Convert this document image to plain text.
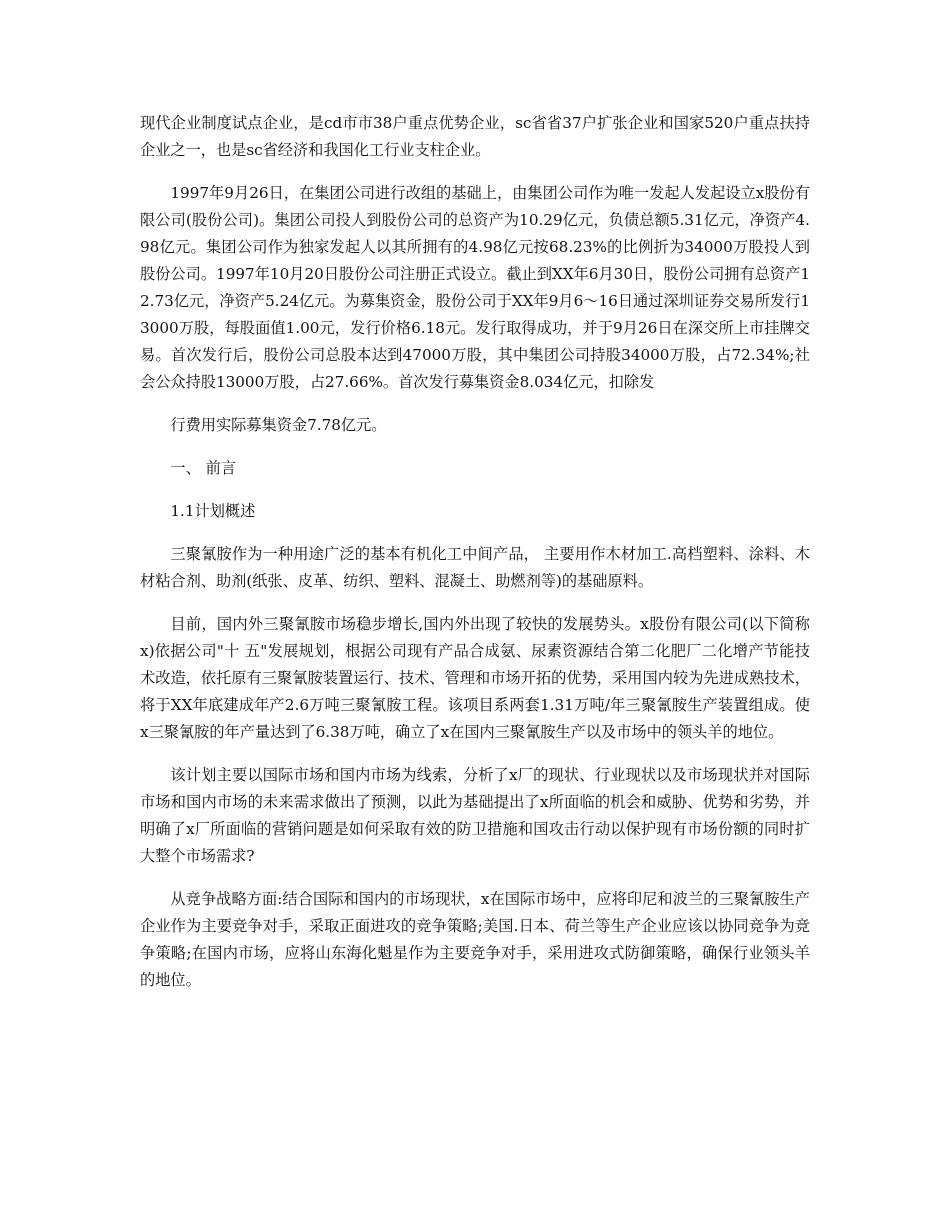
现代企业制度试点企业，是cd市市38户重点优势企业，sc省省37户扩张企业和国家520户重点扶持企业之一，也是sc省经济和我国化工行业支柱企业。

1997年9月26日，在集团公司进行改组的基础上，由集团公司作为唯一发起人发起设立x股份有限公司(股份公司)。集团公司投人到股份公司的总资产为10.29亿元，负债总额5.31亿元，净资产4.98亿元。集团公司作为独家发起人以其所拥有的4.98亿元按68.23%的比例折为34000万股投人到股份公司。1997年10月20日股份公司注册正式设立。截止到XX年6月30日，股份公司拥有总资产12.73亿元，净资产5.24亿元。为募集资金，股份公司于XX年9月6～16日通过深圳证券交易所发行13000万股，每股面值1.00元，发行价格6.18元。发行取得成功，并于9月26日在深交所上市挂牌交易。首次发行后，股份公司总股本达到47000万股，其中集团公司持股34000万股，占72.34%;社会公众持股13000万股，占27.66%。首次发行募集资金8.034亿元，扣除发

行费用实际募集资金7.78亿元。

一、 前言

1.1计划概述

三聚氰胺作为一种用途广泛的基本有机化工中间产品， 主要用作木材加工.高档塑料、涂料、木材粘合剂、助剂(纸张、皮革、纺织、塑料、混凝土、助燃剂等)的基础原料。

目前，国内外三聚氰胺市场稳步增长,国内外出现了较快的发展势头。x股份有限公司(以下简称x)依据公司"十 五"发展规划，根据公司现有产品合成氨、尿素资源结合第二化肥厂二化增产节能技术改造，依托原有三聚氰胺装置运行、技术、管理和市场开拓的优势，采用国内较为先进成熟技术，将于XX年底建成年产2.6万吨三聚氰胺工程。该项目系两套1.31万吨/年三聚氰胺生产装置组成。使x三聚氰胺的年产量达到了6.38万吨，确立了x在国内三聚氰胺生产以及市场中的领头羊的地位。

该计划主要以国际市场和国内市场为线索，分析了x厂的现状、行业现状以及市场现状并对国际市场和国内市场的未来需求做出了预测，以此为基础提出了x所面临的机会和威胁、优势和劣势，并明确了x厂所面临的营销问题是如何采取有效的防卫措施和国攻击行动以保护现有市场份额的同时扩大整个市场需求?

从竞争战略方面:结合国际和国内的市场现状，x在国际市场中，应将印尼和波兰的三聚氰胺生产企业作为主要竞争对手，采取正面进攻的竞争策略;美国.日本、荷兰等生产企业应该以协同竞争为竞争策略;在国内市场，应将山东海化魁星作为主要竞争对手，采用进攻式防御策略，确保行业领头羊的地位。
